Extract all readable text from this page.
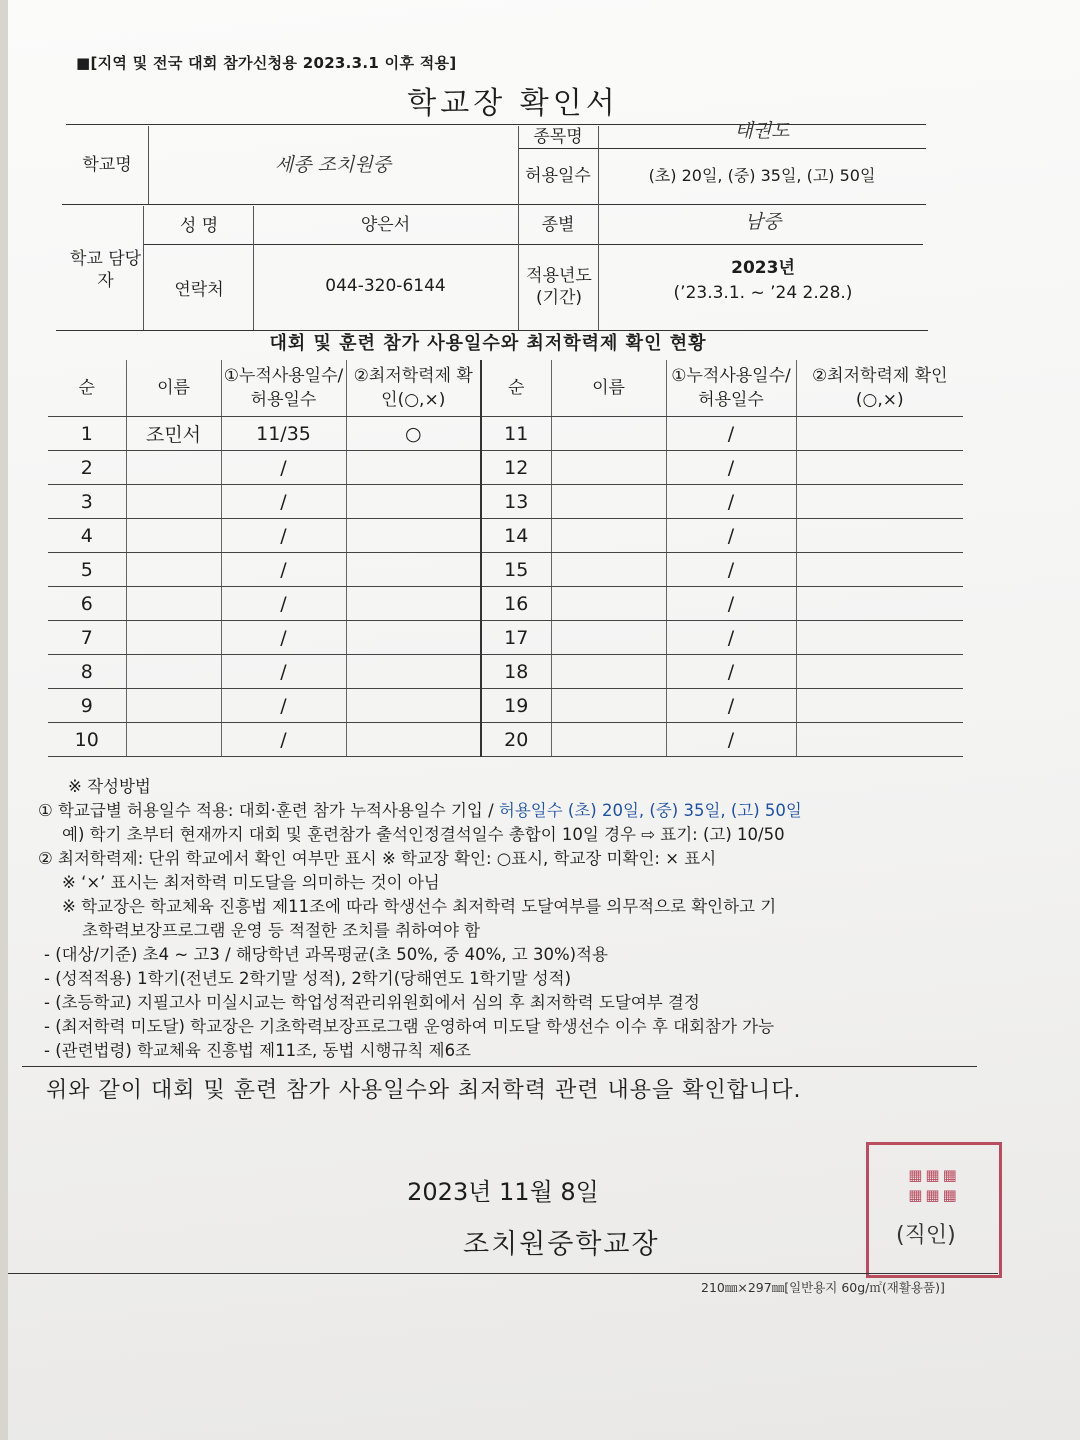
■[지역 및 전국 대회 참가신청용 2023.3.1 이후 적용]
학교장 확인서
학교명	세종 조치원중
종목명	태권도
허용일수	(초) 20일, (중) 35일, (고) 50일
학교 담당자
성 명	양은서	종별	남중
연락처	044-320-6144	적용년도 (기간)
2023년
(’23.3.1. ~ ’24 2.28.)
대회 및 훈련 참가 사용일수와 최저학력제 확인 현황
순	이름	①누적사용일수/허용일수	②최저학력제 확인(○,×)	순	이름	①누적사용일수/허용일수	②최저학력제 확인(○,×)
1	조민서	11/35	○	11		/	
2		/		12		/	
3		/		13		/	
4		/		14		/	
5		/		15		/	
6		/		16		/	
7		/		17		/	
8		/		18		/	
9		/		19		/	
10		/		20		/	
※ 작성방법
① 학교급별 허용일수 적용: 대회·훈련 참가 누적사용일수 기입 / 허용일수 (초) 20일, (중) 35일, (고) 50일
예) 학기 초부터 현재까지 대회 및 훈련참가 출석인정결석일수 총합이 10일 경우 ⇨ 표기: (고) 10/50
② 최저학력제: 단위 학교에서 확인 여부만 표시 ※ 학교장 확인: ○표시, 학교장 미확인: × 표시
※ ‘×’ 표시는 최저학력 미도달을 의미하는 것이 아님
※ 학교장은 학교체육 진흥법 제11조에 따라 학생선수 최저학력 도달여부를 의무적으로 확인하고 기
초학력보장프로그램 운영 등 적절한 조치를 취하여야 함
- (대상/기준) 초4 ~ 고3 / 해당학년 과목평균(초 50%, 중 40%, 고 30%)적용
- (성적적용) 1학기(전년도 2학기말 성적), 2학기(당해연도 1학기말 성적)
- (초등학교) 지필고사 미실시교는 학업성적관리위원회에서 심의 후 최저학력 도달여부 결정
- (최저학력 미도달) 학교장은 기초학력보장프로그램 운영하여 미도달 학생선수 이수 후 대회참가 가능
- (관련법령) 학교체육 진흥법 제11조, 동법 시행규칙 제6조
위와 같이 대회 및 훈련 참가 사용일수와 최저학력 관련 내용을 확인합니다.
2023년 11월 8일
조치원중학교장
▦▦▦
▦▦▦
(직인)
210㎜×297㎜[일반용지 60g/㎡(재활용품)]
